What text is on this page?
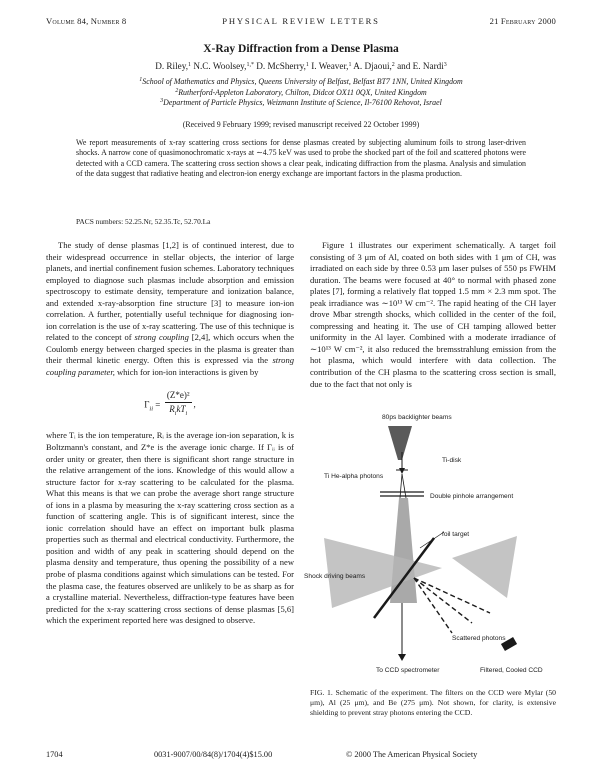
Volume 84, Number 8	PHYSICAL REVIEW LETTERS	21 February 2000
X-Ray Diffraction from a Dense Plasma
D. Riley,$^1$ N.C. Woolsey,$^{1,*}$ D. McSherry,$^1$ I. Weaver,$^1$ A. Djaoui,$^2$ and E. Nardi$^3$
$^1$School of Mathematics and Physics, Queens University of Belfast, Belfast BT7 1NN, United Kingdom
$^2$Rutherford-Appleton Laboratory, Chilton, Didcot OX11 0QX, United Kingdom
$^3$Department of Particle Physics, Weizmann Institute of Science, Il-76100 Rehovot, Israel
(Received 9 February 1999; revised manuscript received 22 October 1999)
We report measurements of x-ray scattering cross sections for dense plasmas created by subjecting aluminum foils to strong laser-driven shocks. A narrow cone of quasimonochromatic x-rays at ∼4.75 keV was used to probe the shocked part of the foil and scattered photons were detected with a CCD camera. The scattering cross section shows a clear peak, indicating diffraction from the plasma. Analysis and simulation of the data suggest that radiative heating and electron-ion energy exchange are important factors in the plasma production.
PACS numbers: 52.25.Nr, 52.35.Tc, 52.70.La

The study of dense plasmas [1,2] is of continued interest, due to their widespread occurrence in stellar objects, the interior of large planets, and inertial confinement fusion schemes. Laboratory techniques employed to diagnose such plasmas include absorption and emission spectroscopy to estimate density, temperature and ionization balance, and extended x-ray-absorption fine structure [3] to measure ion-ion correlation. A further, potentially useful technique for diagnosing ion-ion correlation is the use of x-ray scattering. The use of this technique is related to the concept of strong coupling [2,4], which occurs when the Coulomb energy between charged species in the plasma is greater than their thermal kinetic energy. Often this is expressed via the strong coupling parameter, which for ion-ion interactions is given by

$\Gamma_{ii} = \frac{\text{(Z*e)²}}{R_ikT_i}$ ,

where Tᵢ is the ion temperature, Rᵢ is the average ion-ion separation, k is Boltzmann's constant, and Z*e is the average ionic charge. If Γᵢᵢ is of order unity or greater, then there is significant short range structure in the relative arrangement of the ions. Knowledge of this would allow a structure factor for x-ray scattering to be calculated for the plasma. What this means is that we can probe the average short range structure of ions in a plasma by measuring the x-ray scattering cross section as a function of scattering angle. This is of significant interest, since the ionic correlation should have an effect on important bulk plasma properties such as thermal and electrical conductivity. Furthermore, the position and width of any peak in scattering should depend on the plasma density and temperature, thus opening the possibility of a new probe of plasma conditions against which simulations can be tested. For the plasma case, the features observed are unlikely to be as sharp as for a crystalline material. Nevertheless, diffraction-type features have been predicted for the x-ray scattering cross sections of dense plasmas [5,6] which the experiment reported here was designed to observe.

Figure 1 illustrates our experiment schematically. A target foil consisting of 3 μm of Al, coated on both sides with 1 μm of CH, was irradiated on each side by three 0.53 μm laser pulses of 550 ps FWHM duration. The beams were focused at 40° to normal with phased zone plates [7], forming a relatively flat topped 1.5 mm × 2.3 mm spot. The peak irradiance was ∼10¹³ W cm⁻². The rapid heating of the CH layer drove Mbar strength shocks, which collided in the center of the foil, compressing and heating it. The use of CH tamping allowed better uniformity in the Al layer. Combined with a moderate irradiance of ∼10¹³ W cm⁻², it also reduced the bremsstrahlung emission from the hot plasma, which would interfere with data collection. The contribution of the CH plasma to the scattering cross section is small, due to the fact that not only is

80ps backlighter beams
Ti-disk
Ti He-alpha photons
Double pinhole arrangement
foil target
Shock driving beams
Scattered photons
To CCD spectrometer	Filtered, Cooled CCD
FIG. 1. Schematic of the experiment. The filters on the CCD were Mylar (50 μm), Al (25 μm), and Be (275 μm). Not shown, for clarity, is extensive shielding to prevent stray photons entering the CCD.
1704	0031-9007/00/84(8)/1704(4)$15.00	© 2000 The American Physical Society
